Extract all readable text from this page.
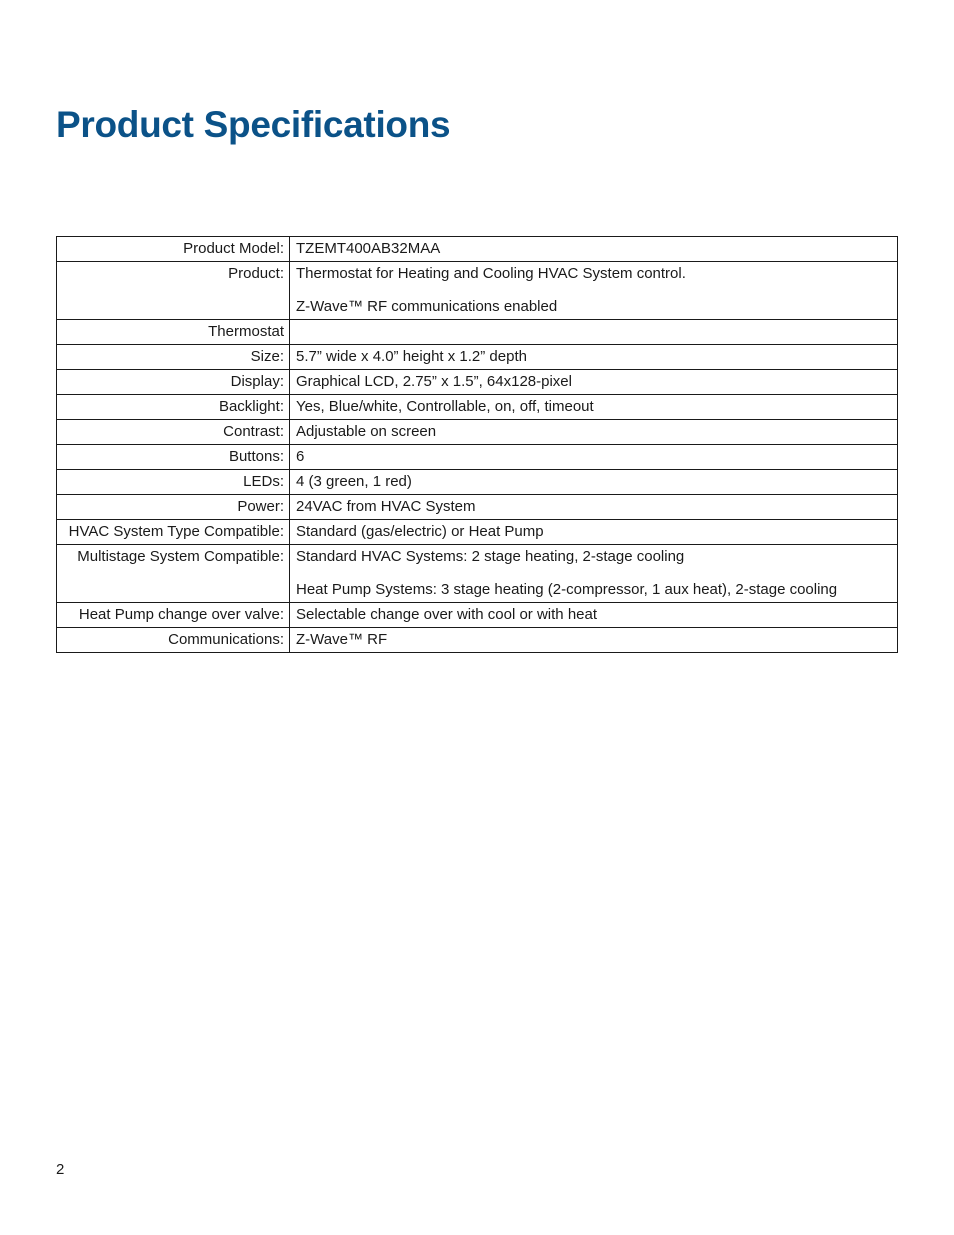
Product Specifications
Product Model:	TZEMT400AB32MAA

Product:	Thermostat for Heating and Cooling HVAC System control.
Z-Wave™ RF communications enabled

Thermostat	

Size:	5.7” wide x 4.0” height x 1.2” depth

Display:	Graphical LCD, 2.75” x 1.5”, 64x128-pixel

Backlight:	Yes, Blue/white, Controllable, on, off, timeout

Contrast:	Adjustable on screen

Buttons:	6

LEDs:	4 (3 green, 1 red)

Power:	24VAC from HVAC System

HVAC System Type Compatible:	Standard (gas/electric) or Heat Pump

Multistage System Compatible:	Standard HVAC Systems: 2 stage heating, 2-stage cooling
Heat Pump Systems: 3 stage heating (2-compressor, 1 aux heat), 2-stage cooling

Heat Pump change over valve:	Selectable change over with cool or with heat

Communications:	Z-Wave™ RF
2
